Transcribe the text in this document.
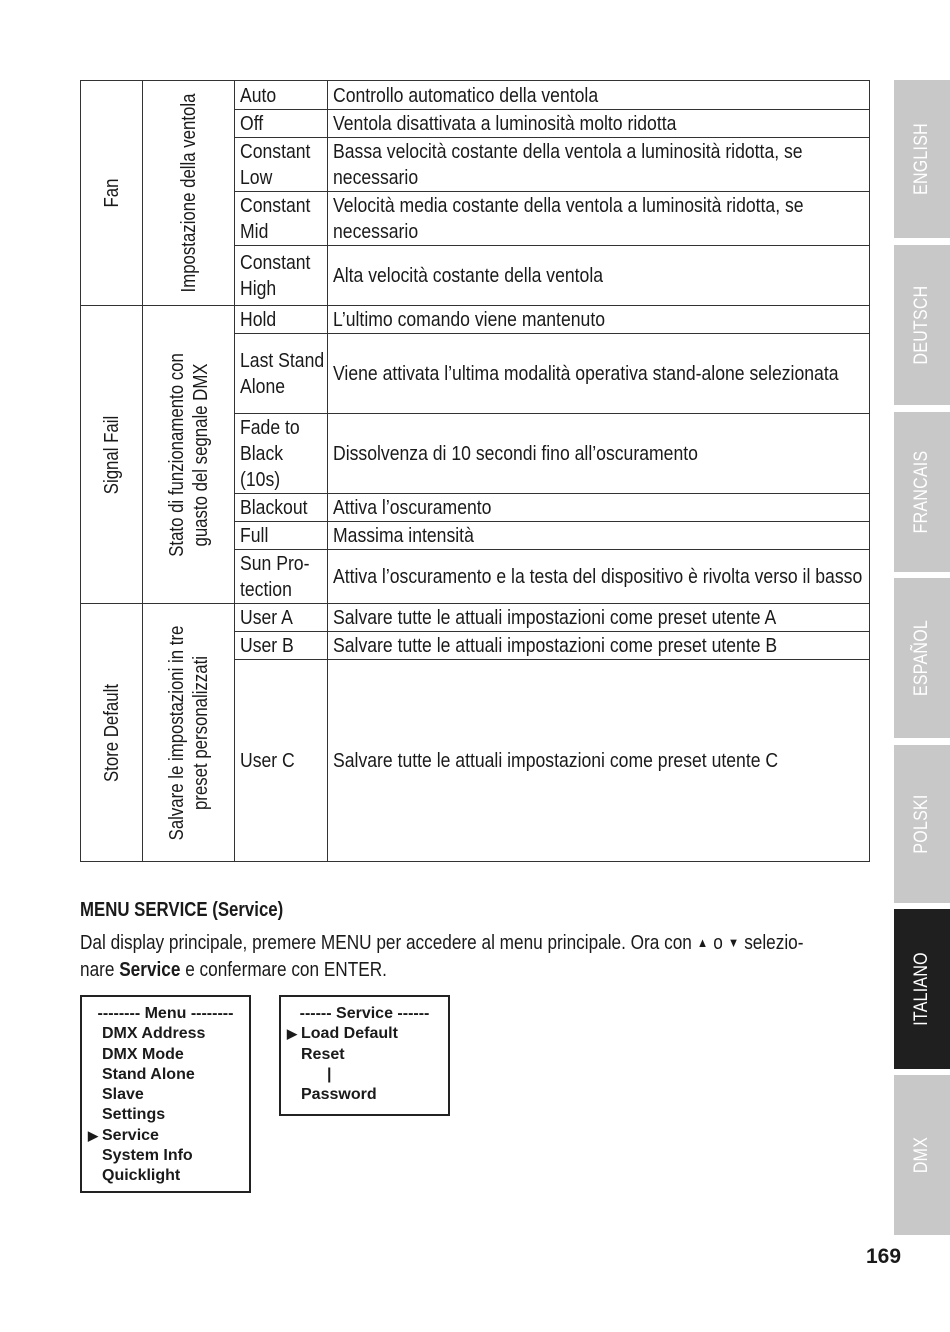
Fan	Impostazione della ventola	Auto	Controllo automatico della ventola
		Off	Ventola disattivata a luminosità molto ridotta
		Constant Low	Bassa velocità costante della ventola a luminosità ridotta, se necessario
		Constant Mid	Velocità media costante della ventola a luminosità ridotta, se necessario
		Constant High	Alta velocità costante della ventola

Signal Fail	Stato di funzionamento con guasto del segnale DMX	Hold	L’ultimo comando viene mantenuto
		Last Stand Alone	Viene attivata l’ultima modalità operativa stand-alone selezionata
		Fade to Black (10s)	Dissolvenza di 10 secondi fino all’oscuramento
		Blackout	Attiva l’oscuramento
		Full	Massima intensità
		Sun Pro-tection	Attiva l’oscuramento e la testa del dispositivo è rivolta verso il basso

Store Default	Salvare le impostazioni in tre preset personalizzati	User A	Salvare tutte le attuali impostazioni come preset utente A
		User B	Salvare tutte le attuali impostazioni come preset utente B
		User C	Salvare tutte le attuali impostazioni come preset utente C
MENU SERVICE (Service)
Dal display principale, premere MENU per accedere al menu principale. Ora con ▲ o ▼ selezio-
nare Service e confermare con ENTER.
-------- Menu --------
DMX Address
DMX Mode
Stand Alone
Slave
Settings
▶ Service
System Info
Quicklight
------ Service ------
▶ Load Default
Reset
|
Password
ENGLISH
DEUTSCH
FRANCAIS
ESPAÑOL
POLSKI
ITALIANO
DMX
169
